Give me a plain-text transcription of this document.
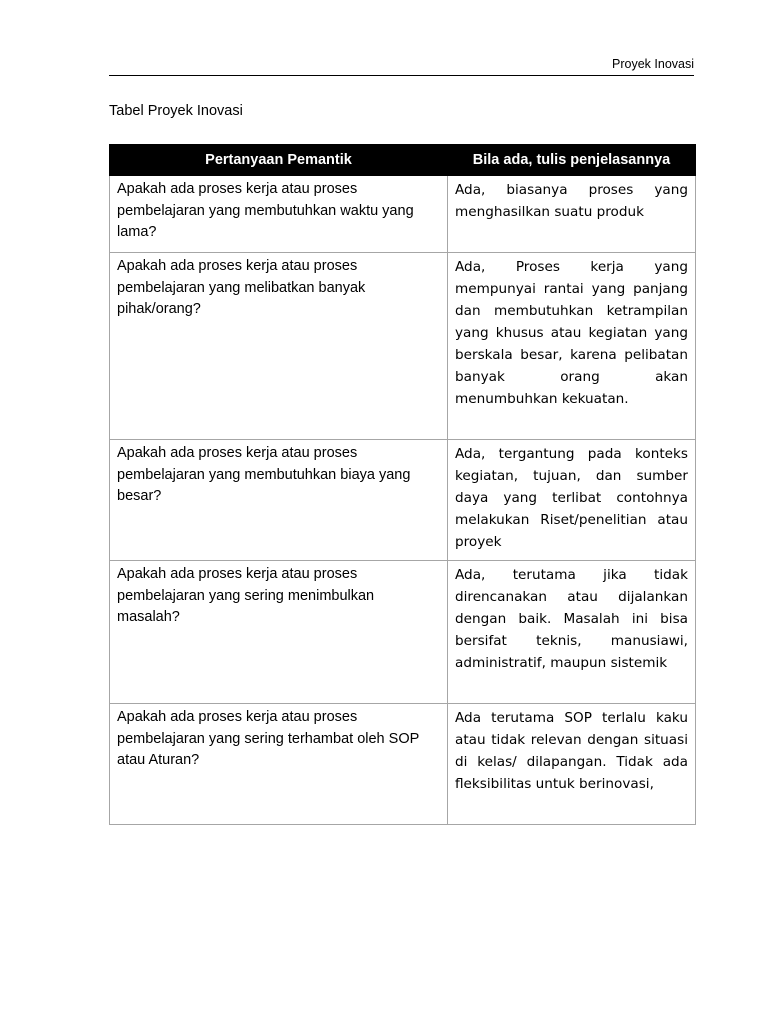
Proyek Inovasi
Tabel Proyek Inovasi
Pertanyaan Pemantik	Bila ada, tulis penjelasannya
Apakah ada proses kerja atau proses pembelajaran yang membutuhkan waktu yang lama?	Ada, biasanya proses yang menghasilkan suatu produk
Apakah ada proses kerja atau proses pembelajaran yang melibatkan banyak pihak/orang?	Ada, Proses kerja yang mempunyai rantai yang panjang dan membutuhkan ketrampilan yang khusus atau kegiatan yang berskala besar, karena pelibatan banyak orang akan menumbuhkan kekuatan.
Apakah ada proses kerja atau proses pembelajaran yang membutuhkan biaya yang besar?	Ada, tergantung pada konteks kegiatan, tujuan, dan sumber daya yang terlibat contohnya melakukan Riset/penelitian atau proyek
Apakah ada proses kerja atau proses pembelajaran yang sering menimbulkan masalah?	Ada, terutama jika tidak direncanakan atau dijalankan dengan baik. Masalah ini bisa bersifat teknis, manusiawi, administratif, maupun sistemik
Apakah ada proses kerja atau proses pembelajaran yang sering terhambat oleh SOP atau Aturan?	Ada terutama SOP terlalu kaku atau tidak relevan dengan situasi di kelas/ dilapangan. Tidak ada fleksibilitas untuk berinovasi,
